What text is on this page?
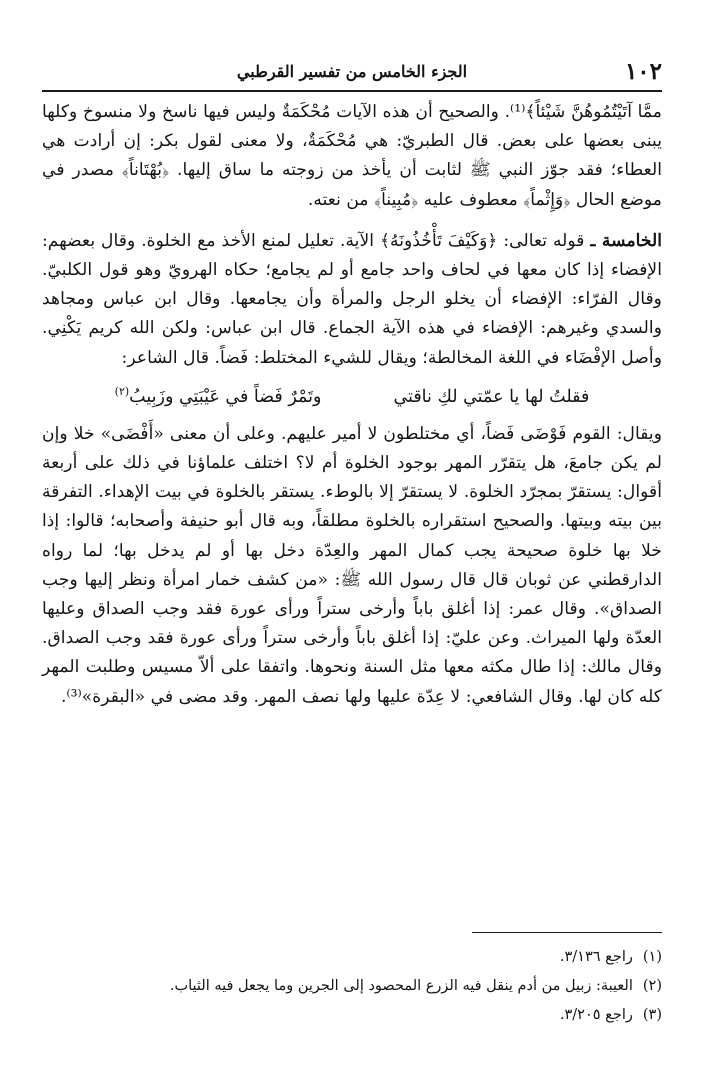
١٠٢
الجزء الخامس من تفسير القرطبي

ممَّا آتَيْتُمُوهُنَّ شَيْئاً﴾⁽¹⁾. والصحيح أن هذه الآيات مُحْكَمَةٌ وليس فيها ناسخ ولا منسوخ وكلها يبنى بعضها على بعض. قال الطبريّ: هي مُحْكَمَةٌ، ولا معنى لقول بكر: إن أرادت هي العطاء؛ فقد جوّز النبي ﷺ لثابت أن يأخذ من زوجته ما ساق إليها. ﴿بُهْتَاناً﴾ مصدر في موضع الحال ﴿وَإِثْماً﴾ معطوف عليه ﴿مُبِيناً﴾ من نعته.

الخامسة ـ قوله تعالى: ﴿وَكَيْفَ تَأْخُذُونَهُ﴾ الآية. تعليل لمنع الأخذ مع الخلوة. وقال بعضهم: الإفضاء إذا كان معها في لحاف واحد جامع أو لم يجامع؛ حكاه الهرويّ وهو قول الكلبيّ. وقال الفرّاء: الإفضاء أن يخلو الرجل والمرأة وأن يجامعها. وقال ابن عباس ومجاهد والسدي وغيرهم: الإفضاء في هذه الآية الجماع. قال ابن عباس: ولكن الله كريم يَكْنِي. وأصل الإفْضَاء في اللغة المخالطة؛ ويقال للشيء المختلط: فَضاً. قال الشاعر:

فقلتُ لها يا عمّتي لكِ ناقتي
وتَمْرٌ فَضاً في عَيْبَتِي وزَبِيبُ$^{(٢)}$

ويقال: القوم فَوْضَى فَضاً، أي مختلطون لا أمير عليهم. وعلى أن معنى «أَفْضَى» خلا وإن لم يكن جامعَ، هل يتقرّر المهر بوجود الخلوة أم لا؟ اختلف علماؤنا في ذلك على أربعة أقوال: يستقرّ بمجرّد الخلوة. لا يستقرّ إلا بالوطء. يستقر بالخلوة في بيت الإهداء. التفرقة بين بيته وبيتها. والصحيح استقراره بالخلوة مطلقاً، وبه قال أبو حنيفة وأصحابه؛ قالوا: إذا خلا بها خلوة صحيحة يجب كمال المهر والعِدّة دخل بها أو لم يدخل بها؛ لما رواه الدارقطني عن ثوبان قال قال رسول الله ﷺ: «من كشف خمار امرأة ونظر إليها وجب الصداق». وقال عمر: إذا أغلق باباً وأرخى ستراً ورأى عورة فقد وجب الصداق وعليها العدّة ولها الميراث. وعن عليّ: إذا أغلق باباً وأرخى ستراً ورأى عورة فقد وجب الصداق. وقال مالك: إذا طال مكثه معها مثل السنة ونحوها. واتفقا على ألاّ مسيس وطلبت المهر كله كان لها. وقال الشافعي: لا عِدّة عليها ولها نصف المهر. وقد مضى في «البقرة»⁽³⁾.

(١)راجع ٣/١٣٦.

(٢)العيبة: زبيل من أدم ينقل فيه الزرع المحصود إلى الجرين وما يجعل فيه الثياب.

(٣)راجع ٣/٢٠٥.
